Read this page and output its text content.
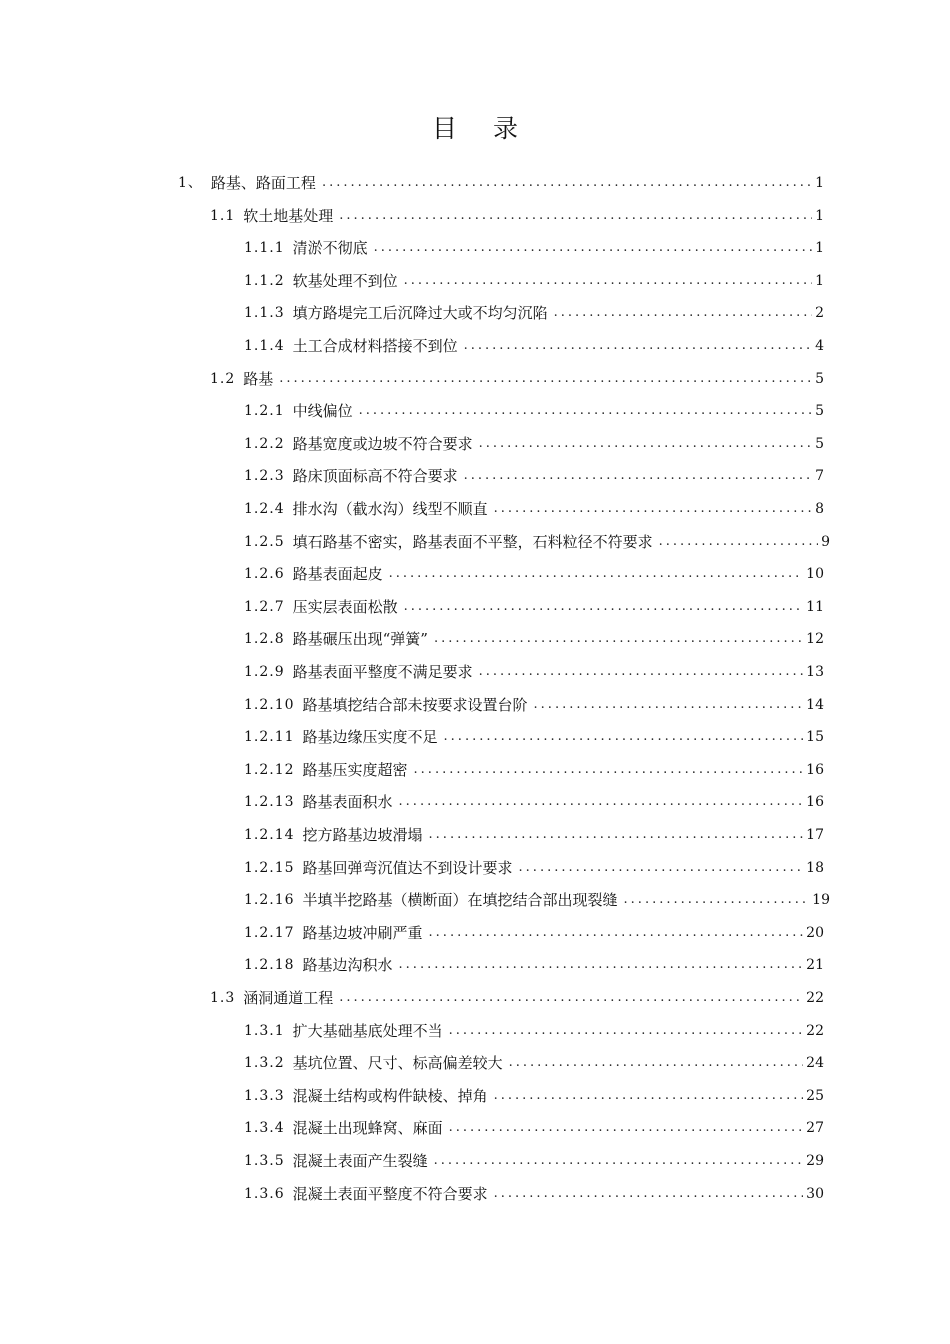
目 录
1、 路基、路面工程 .....	1
1.1 软土地基处理 .....	1
1.1.1 清淤不彻底 .....	1
1.1.2 软基处理不到位 .....	1
1.1.3 填方路堤完工后沉降过大或不均匀沉陷 .....	2
1.1.4 土工合成材料搭接不到位 .....	4
1.2 路基 .....	5
1.2.1 中线偏位 .....	5
1.2.2 路基宽度或边坡不符合要求 .....	5
1.2.3 路床顶面标高不符合要求 .....	7
1.2.4 排水沟（截水沟）线型不顺直 .....	8
1.2.5 填石路基不密实，路基表面不平整，石料粒径不符要求 .....	9
1.2.6 路基表面起皮 .....	10
1.2.7 压实层表面松散 .....	11
1.2.8 路基碾压出现“弹簧” .....	12
1.2.9 路基表面平整度不满足要求 .....	13
1.2.10 路基填挖结合部未按要求设置台阶 .....	14
1.2.11 路基边缘压实度不足 .....	15
1.2.12 路基压实度超密 .....	16
1.2.13 路基表面积水 .....	16
1.2.14 挖方路基边坡滑塌 .....	17
1.2.15 路基回弹弯沉值达不到设计要求 .....	18
1.2.16 半填半挖路基（横断面）在填挖结合部出现裂缝 .....	19
1.2.17 路基边坡冲刷严重 .....	20
1.2.18 路基边沟积水 .....	21
1.3 涵洞通道工程 .....	22
1.3.1 扩大基础基底处理不当 .....	22
1.3.2 基坑位置、尺寸、标高偏差较大 .....	24
1.3.3 混凝土结构或构件缺棱、掉角 .....	25
1.3.4 混凝土出现蜂窝、麻面 .....	27
1.3.5 混凝土表面产生裂缝 .....	29
1.3.6 混凝土表面平整度不符合要求 .....	30
